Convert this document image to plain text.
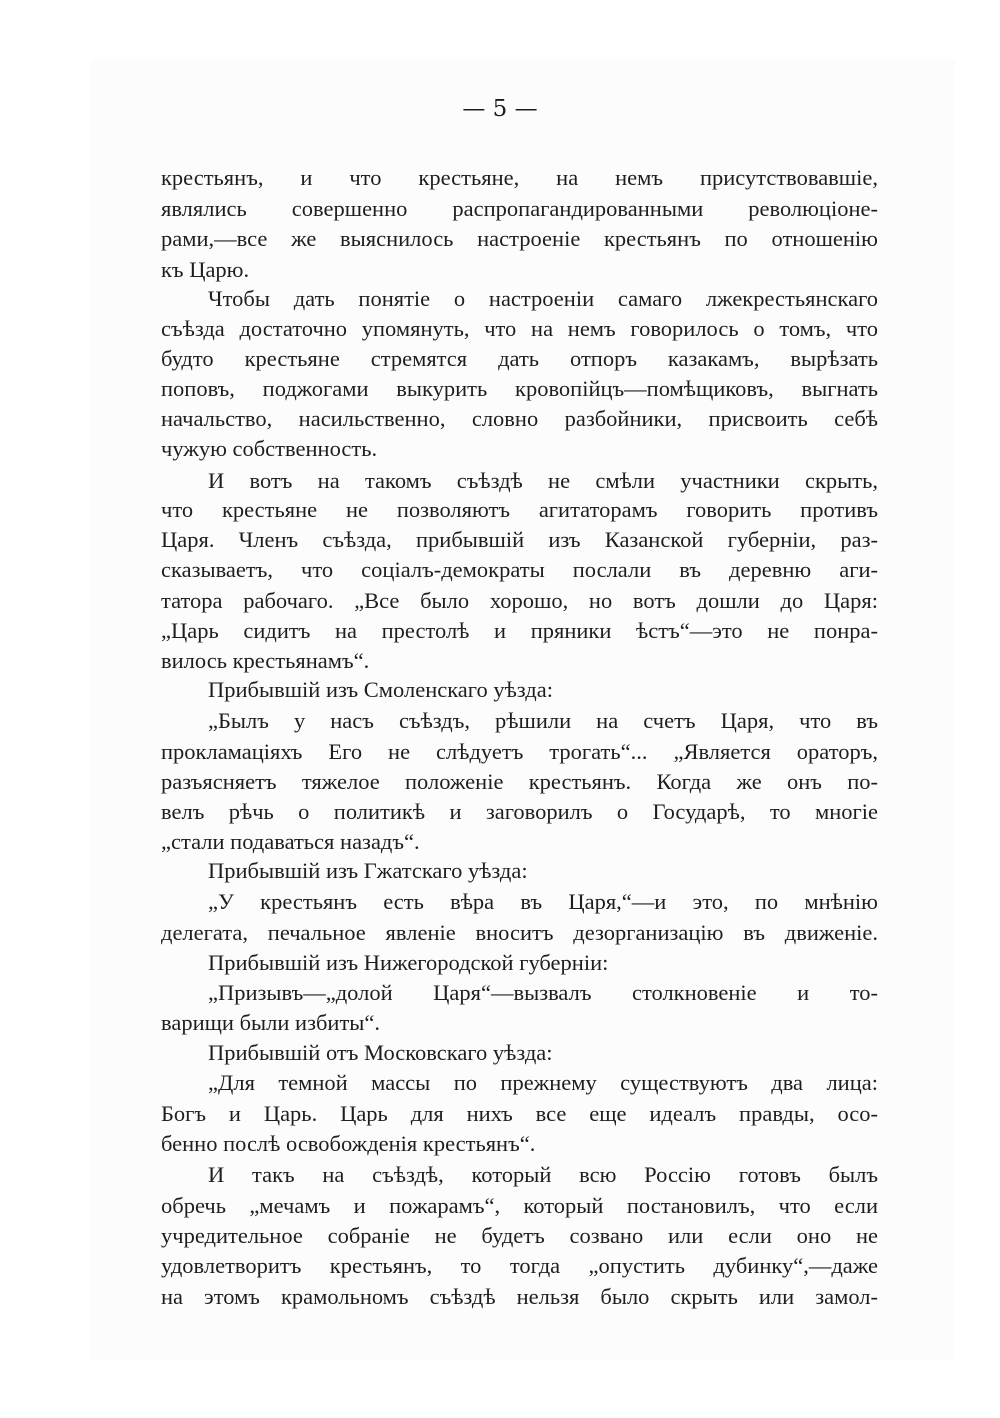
— 5 —
крестьянъ, и что крестьяне, на немъ присутствовавшіе,
являлись совершенно распропагандированными революціоне-
рами,—все же выяснилось настроеніе крестьянъ по отношенію
къ Царю.
Чтобы дать понятіе о настроеніи самаго лжекрестьянскаго
съѣзда достаточно упомянуть, что на немъ говорилось о томъ, что
будто крестьяне стремятся дать отпоръ казакамъ, вырѣзать
поповъ, поджогами выкурить кровопійцъ—помѣщиковъ, выгнать
начальство, насильственно, словно разбойники, присвоить себѣ
чужую собственность.
И вотъ на такомъ съѣздѣ не смѣли участники скрыть,
что крестьяне не позволяютъ агитаторамъ говорить противъ
Царя. Членъ съѣзда, прибывшій изъ Казанской губерніи, раз-
сказываетъ, что соціалъ-демократы послали въ деревню аги-
татора рабочаго. „Все было хорошо, но вотъ дошли до Царя:
„Царь сидитъ на престолѣ и пряники ѣстъ“—это не понра-
вилось крестьянамъ“.
Прибывшій изъ Смоленскаго уѣзда:
„Былъ у насъ съѣздъ, рѣшили на счетъ Царя, что въ
прокламаціяхъ Его не слѣдуетъ трогать“... „Является ораторъ,
разъясняетъ тяжелое положеніе крестьянъ. Когда же онъ по-
велъ рѣчь о политикѣ и заговорилъ о Государѣ, то многіе
„стали подаваться назадъ“.
Прибывшій изъ Гжатскаго уѣзда:
„У крестьянъ есть вѣра въ Царя,“—и это, по мнѣнію
делегата, печальное явленіе вноситъ дезорганизацію въ движеніе.
Прибывшій изъ Нижегородской губерніи:
„Призывъ—„долой Царя“—вызвалъ столкновеніе и то-
варищи были избиты“.
Прибывшій отъ Московскаго уѣзда:
„Для темной массы по прежнему существуютъ два лица:
Богъ и Царь. Царь для нихъ все еще идеалъ правды, осо-
бенно послѣ освобожденія крестьянъ“.
И такъ на съѣздѣ, который всю Россію готовъ былъ
обречь „мечамъ и пожарамъ“, который постановилъ, что если
учредительное собраніе не будетъ созвано или если оно не
удовлетворитъ крестьянъ, то тогда „опустить дубинку“,—даже
на этомъ крамольномъ съѣздѣ нельзя было скрыть или замол-
